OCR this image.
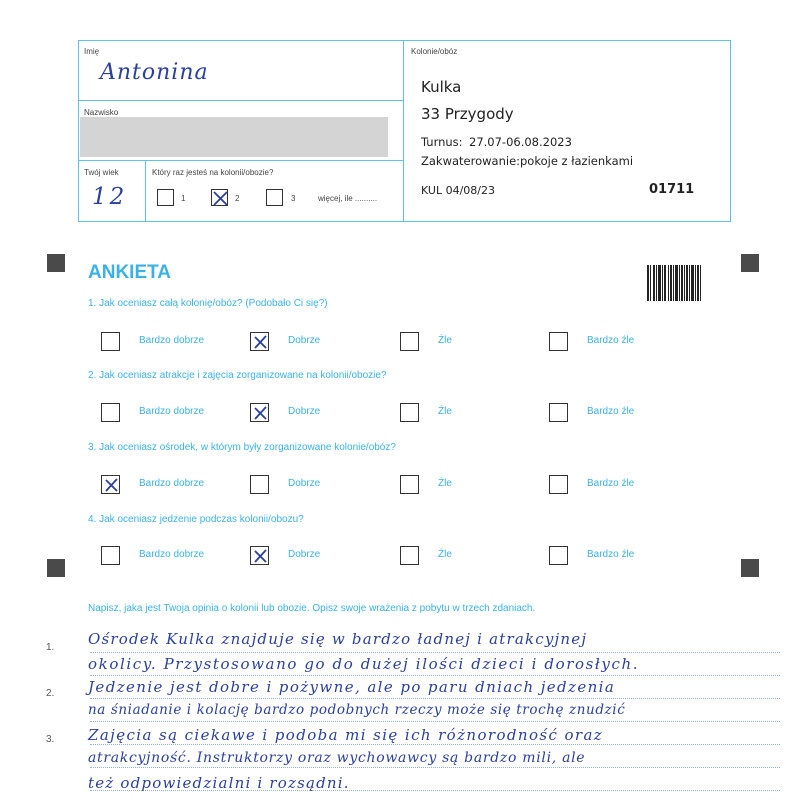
Imię
Antonina
Nazwisko
Twój wiek
12
Który raz jesteś na kolonii/obozie?
1	2	3	więcej, ile ..........
Kolonie/obóz
Kulka
33 Przygody
Turnus: 27.07-06.08.2023
Zakwaterowanie: pokoje z łazienkami
KUL 04/08/23	01711
ANKIETA
1. Jak oceniasz całą kolonię/obóz? (Podobało Ci się?)
Bardzo dobrze	Dobrze	Źle	Bardzo źle
2. Jak oceniasz atrakcje i zajęcia zorganizowane na kolonii/obozie?
Bardzo dobrze	Dobrze	Źle	Bardzo źle
3. Jak oceniasz ośrodek, w którym były zorganizowane kolonie/obóz?
Bardzo dobrze	Dobrze	Źle	Bardzo źle
4. Jak oceniasz jedzenie podczas kolonii/obozu?
Bardzo dobrze	Dobrze	Źle	Bardzo źle
Napisz, jaka jest Twoja opinia o kolonii lub obozie. Opisz swoje wrażenia z pobytu w trzech zdaniach.
1.
2.
3.
Ośrodek Kulka znajduje się w bardzo ładnej i atrakcyjnej
okolicy. Przystosowano go do dużej ilości dzieci i dorosłych.
Jedzenie jest dobre i pożywne, ale po paru dniach jedzenia
na śniadanie i kolację bardzo podobnych rzeczy może się trochę znudzić
Zajęcia są ciekawe i podoba mi się ich różnorodność oraz
atrakcyjność. Instruktorzy oraz wychowawcy są bardzo mili, ale
też odpowiedzialni i rozsądni.
